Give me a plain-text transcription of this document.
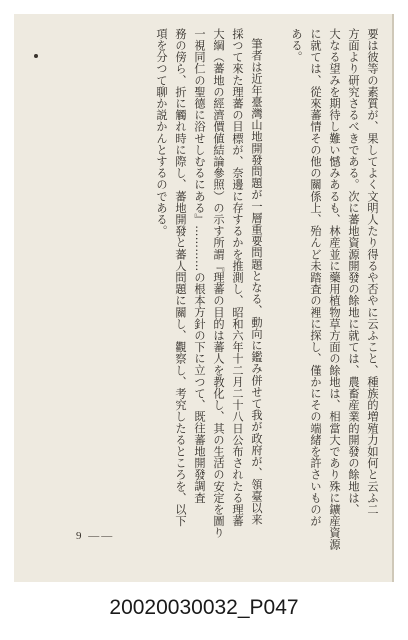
要は彼等の素質が、果してよく文明人たり得るや否やに云ふこと、種族的増殖力如何と云ふ二
方面より研究さるべきである。次に蕃地資源開發の餘地に就ては、農畜産業的開發の餘地は、
大なる望みを期待し難い憾みあるも、林産並に藥用植物草方面の餘地は、相當大であり殊に鑛産資源
に就ては、從來蕃情その他の關係上、殆んど未踏査の裡に探し、僅かにその端緒を許さいものが
ある。
筆者は近年臺灣山地開發問題が一層重要問題となる、動向に鑑み併せて我が政府が、領臺以来
採つて來た理蕃の目標が、奈邊に存するかを推測し、昭和六年十二月二十八日公布されたる理蕃
大綱（蕃地の經濟價値結論參照）の示す所謂『理蕃の目的は蕃人を教化し、其の生活の安定を圖り
一視同仁の聖德に浴せしむるにある』…………の根本方針の下に立つて、既往蕃地開發調査
務の傍ら、折に觸れ時に際し、蕃地開發と蕃人問題に關し、觀察し、考究したるところを、以下
項を分つて聊か説かんとするのである。
9 ——
20020030032_P047
